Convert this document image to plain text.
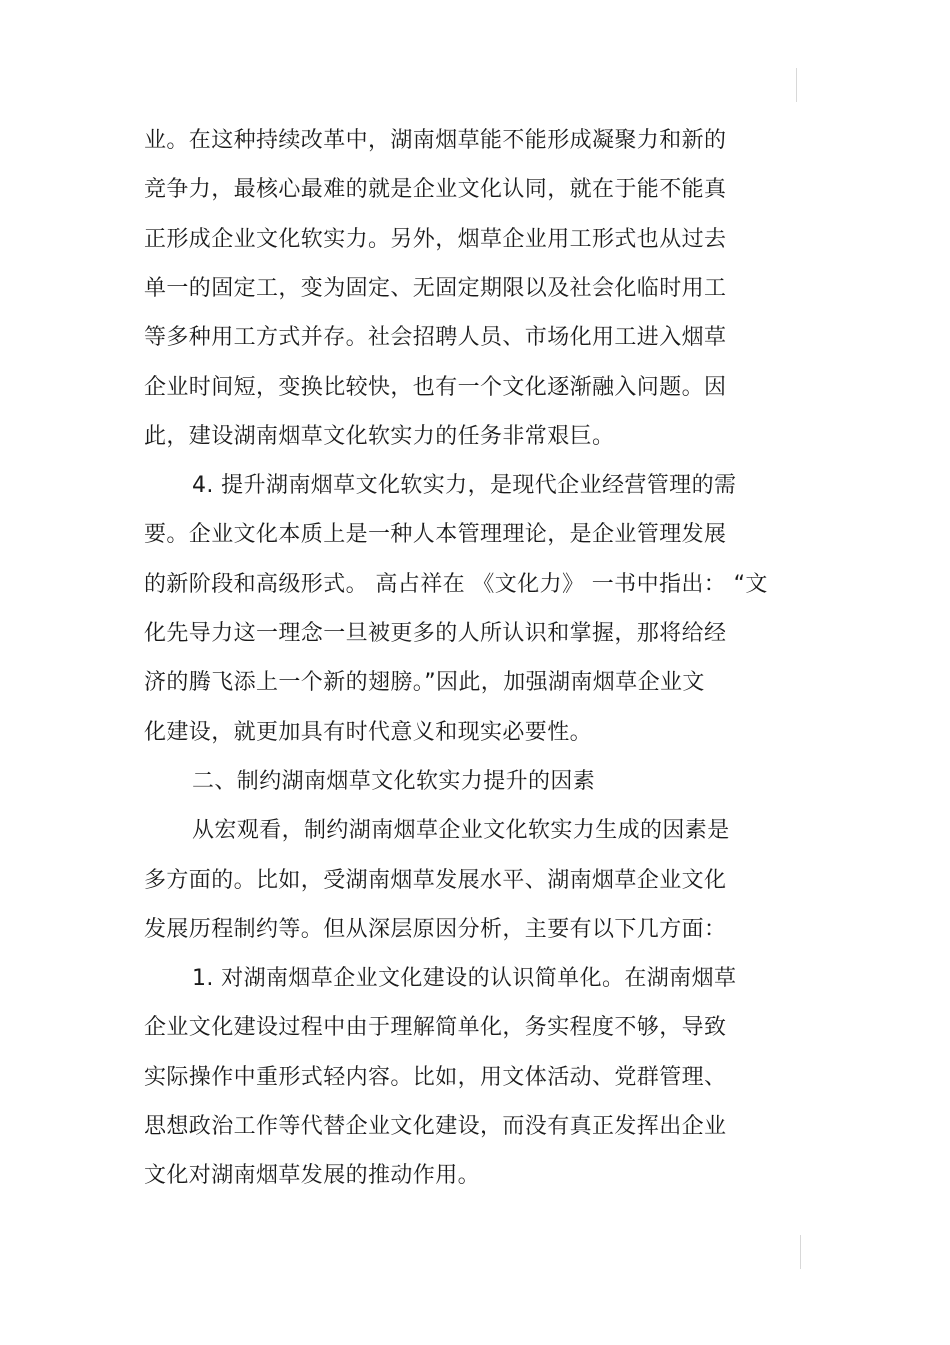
业。在这种持续改革中，湖南烟草能不能形成凝聚力和新的
竞争力，最核心最难的就是企业文化认同，就在于能不能真
正形成企业文化软实力。另外，烟草企业用工形式也从过去
单一的固定工，变为固定、无固定期限以及社会化临时用工
等多种用工方式并存。社会招聘人员、市场化用工进入烟草
企业时间短，变换比较快，也有一个文化逐渐融入问题。因
此，建设湖南烟草文化软实力的任务非常艰巨。
4. 提升湖南烟草文化软实力，是现代企业经营管理的需
要。企业文化本质上是一种人本管理理论，是企业管理发展
的新阶段和高级形式。 高占祥在 《文化力》 一书中指出： “文
化先导力这一理念一旦被更多的人所认识和掌握，那将给经
济的腾飞添上一个新的翅膀。”因此，加强湖南烟草企业文
化建设，就更加具有时代意义和现实必要性。
二、制约湖南烟草文化软实力提升的因素
从宏观看，制约湖南烟草企业文化软实力生成的因素是
多方面的。比如，受湖南烟草发展水平、湖南烟草企业文化
发展历程制约等。但从深层原因分析，主要有以下几方面：
1. 对湖南烟草企业文化建设的认识简单化。在湖南烟草
企业文化建设过程中由于理解简单化，务实程度不够，导致
实际操作中重形式轻内容。比如，用文体活动、党群管理、
思想政治工作等代替企业文化建设，而没有真正发挥出企业
文化对湖南烟草发展的推动作用。
